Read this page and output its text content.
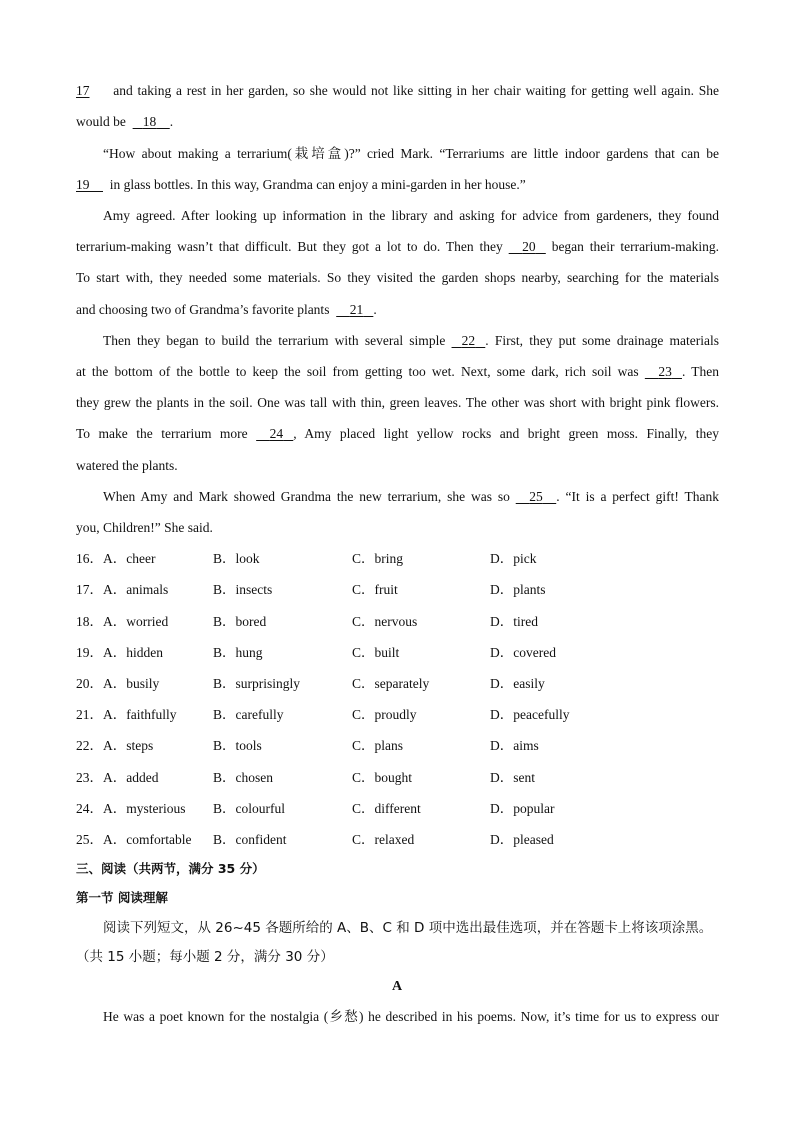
17 and taking a rest in her garden, so she would not like sitting in her chair waiting for getting well again. She
would be 18 .
“How about making a terrarium(栽培盒)?” cried Mark. “Terrariums are little indoor gardens that can be
19 in glass bottles. In this way, Grandma can enjoy a mini-garden in her house.”
Amy agreed. After looking up information in the library and asking for advice from gardeners, they found
terrarium-making wasn’t that difficult. But they got a lot to do. Then they 20 began their terrarium-making.
To start with, they needed some materials. So they visited the garden shops nearby, searching for the materials
and choosing two of Grandma’s favorite plants 21 .
Then they began to build the terrarium with several simple 22 . First, they put some drainage materials
at the bottom of the bottle to keep the soil from getting too wet. Next, some dark, rich soil was 23 . Then
they grew the plants in the soil. One was tall with thin, green leaves. The other was short with bright pink flowers.
To make the terrarium more 24 , Amy placed light yellow rocks and bright green moss. Finally, they
watered the plants.
When Amy and Mark showed Grandma the new terrarium, she was so 25 . “It is a perfect gift! Thank
you, Children!” She said.
16． A．cheer	B．look	C．bring	D．pick
17． A．animals	B．insects	C．fruit	D．plants
18． A．worried	B．bored	C．nervous	D．tired
19． A．hidden	B．hung	C．built	D．covered
20． A．busily	B．surprisingly	C．separately	D．easily
21． A．faithfully	B．carefully	C．proudly	D．peacefully
22． A．steps	B．tools	C．plans	D．aims
23． A．added	B．chosen	C．bought	D．sent
24． A．mysterious B．colourful	C．different	D．popular
25． A．comfortable B．confident	C．relaxed	D．pleased
三、阅读（共两节，满分 35 分）
第一节 阅读理解
阅读下列短文，从 26~45 各题所给的 A、B、C 和 D 项中选出最佳选项，并在答题卡上将该项涂黑。
（共 15 小题；每小题 2 分，满分 30 分）
A
He was a poet known for the nostalgia (乡愁) he described in his poems. Now, it’s time for us to express our
